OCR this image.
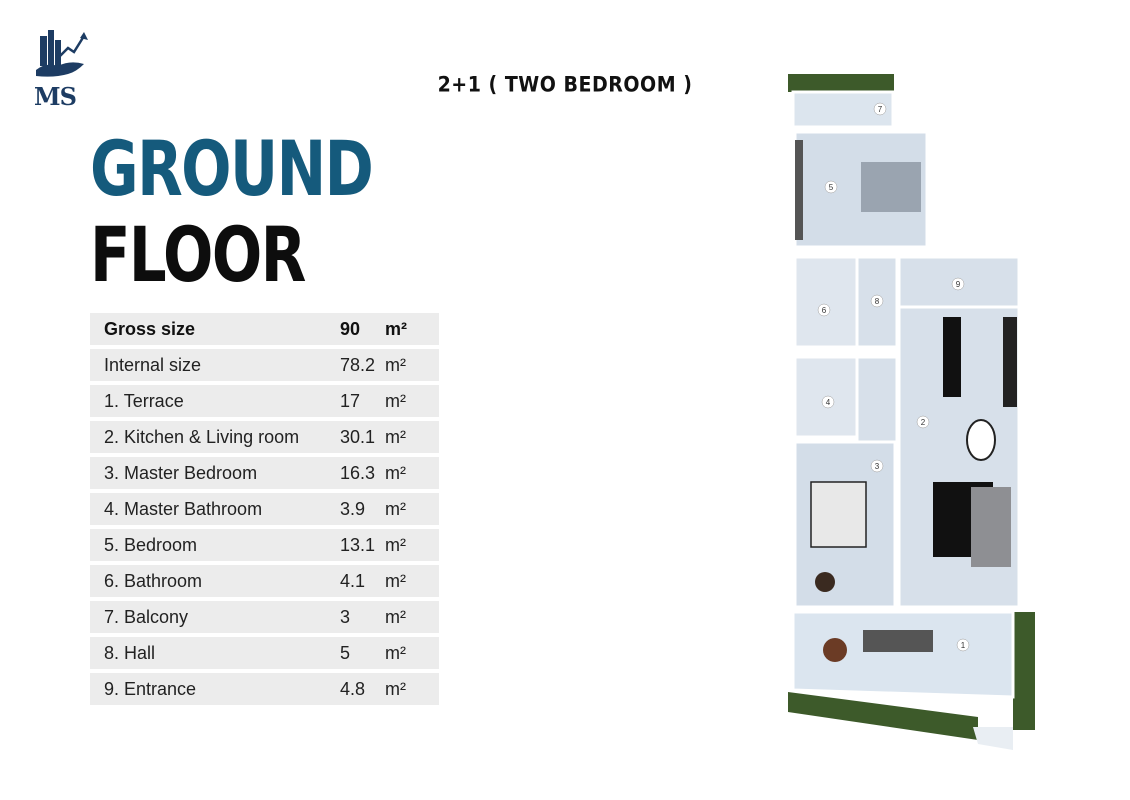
MS	2+1 ( TWO BEDROOM )
GROUND
FLOOR
Gross size	90	m²
Internal size	78.2 m²
1. Terrace	17	m²
2. Kitchen & Living room	30.1 m²
3. Master Bedroom	16.3 m²
4. Master Bathroom	3.9	m²
5. Bedroom	13.1 m²
6. Bathroom	4.1	m²
7. Balcony	3	m²
8. Hall	5	m²
9. Entrance	4.8	m²
1
2
3
4
5
6
7
8
9
